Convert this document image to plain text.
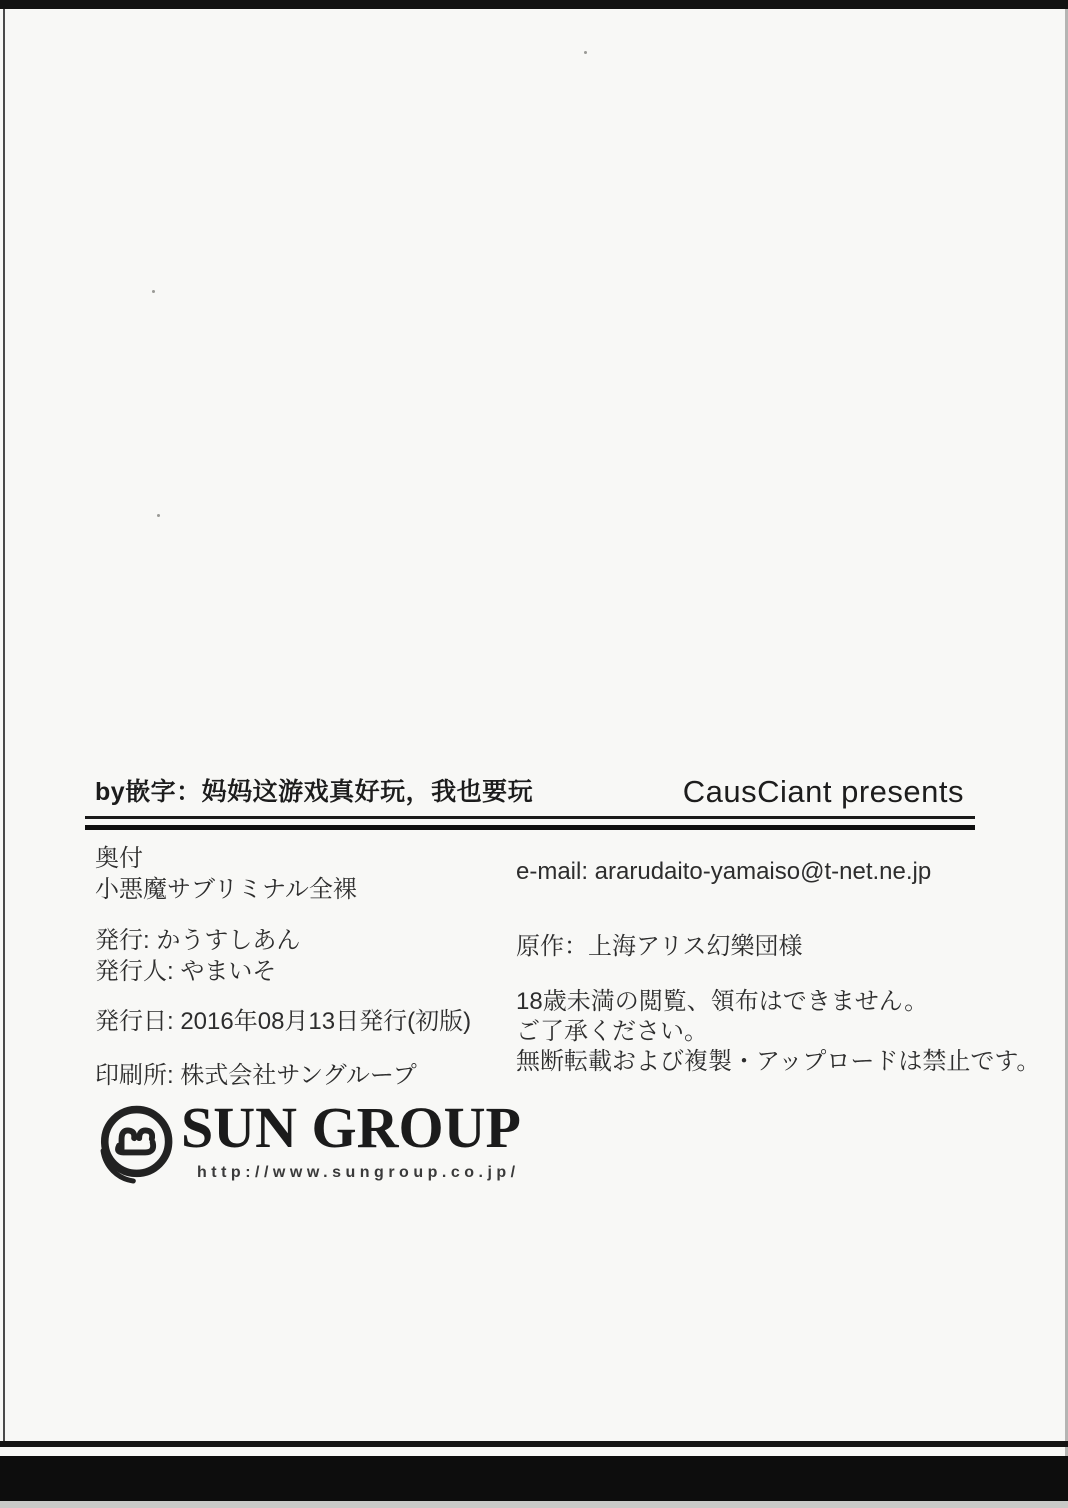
by嵌字：妈妈这游戏真好玩，我也要玩	CausCiant presents
奥付
小悪魔サブリミナル全裸
発行: かうすしあん
発行人: やまいそ
発行日: 2016年08月13日発行(初版)
印刷所: 株式会社サングループ
e-mail: ararudaito-yamaiso@t-net.ne.jp
原作：上海アリス幻樂団様
18歳未満の閲覧、領布はできません。
ご了承ください。
無断転載および複製・アップロードは禁止です。
SUN GROUP
http://www.sungroup.co.jp/
